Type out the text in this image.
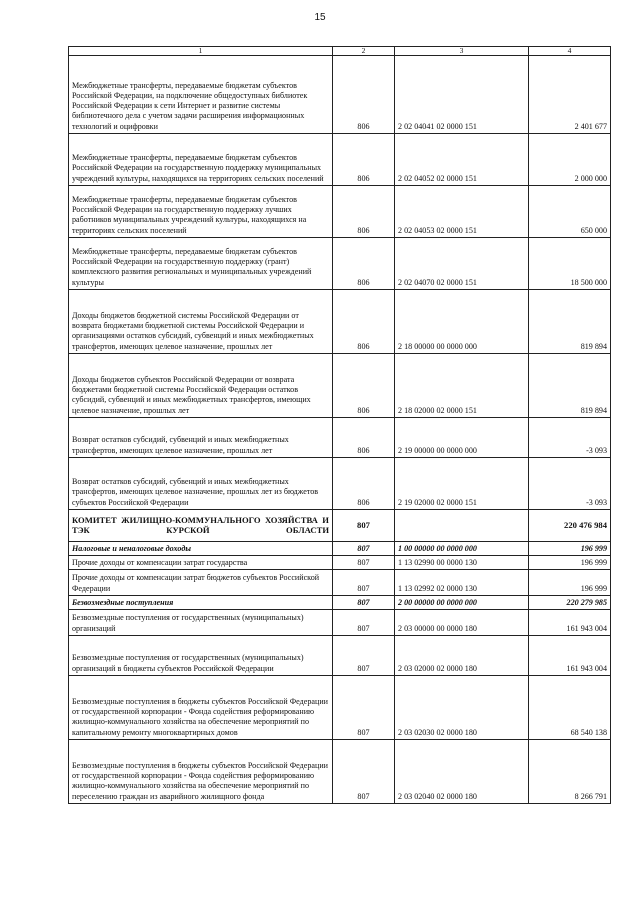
15
1	2	3	4
Межбюджетные трансферты, передаваемые бюджетам субъектов Российской Федерации, на подключение общедоступных библиотек Российской Федерации к сети Интернет и развитие системы библиотечного дела с учетом задачи расширения информационных технологий и оцифровки	806	2 02 04041 02 0000 151	2 401 677
Межбюджетные трансферты, передаваемые бюджетам субъектов Российской Федерации на государственную поддержку муниципальных учреждений культуры, находящихся на территориях сельских поселений	806	2 02 04052 02 0000 151	2 000 000
Межбюджетные трансферты, передаваемые бюджетам субъектов Российской Федерации на государственную поддержку лучших работников муниципальных учреждений культуры, находящихся на территориях сельских поселений	806	2 02 04053 02 0000 151	650 000
Межбюджетные трансферты, передаваемые бюджетам субъектов Российской Федерации на государственную поддержку (грант) комплексного развития региональных и муниципальных учреждений культуры	806	2 02 04070 02 0000 151	18 500 000
Доходы бюджетов бюджетной системы Российской Федерации от возврата бюджетами бюджетной системы Российской Федерации и организациями остатков субсидий, субвенций и иных межбюджетных трансфертов, имеющих целевое назначение, прошлых лет	806	2 18 00000 00 0000 000	819 894
Доходы бюджетов субъектов Российской Федерации от возврата бюджетами бюджетной системы Российской Федерации остатков субсидий, субвенций и иных межбюджетных трансфертов, имеющих целевое назначение, прошлых лет	806	2 18 02000 02 0000 151	819 894
Возврат остатков субсидий, субвенций и иных межбюджетных трансфертов, имеющих целевое назначение, прошлых лет	806	2 19 00000 00 0000 000	-3 093
Возврат остатков субсидий, субвенций и иных межбюджетных трансфертов, имеющих целевое назначение, прошлых лет из бюджетов субъектов Российской Федерации	806	2 19 02000 02 0000 151	-3 093
КОМИТЕТ ЖИЛИЩНО-КОММУНАЛЬНОГО ХОЗЯЙСТВА И ТЭК КУРСКОЙ ОБЛАСТИ	807		220 476 984
Налоговые и неналоговые доходы	807	1 00 00000 00 0000 000	196 999
Прочие доходы от компенсации затрат государства	807	1 13 02990 00 0000 130	196 999
Прочие доходы от компенсации затрат бюджетов субъектов Российской Федерации	807	1 13 02992 02 0000 130	196 999
Безвозмездные поступления	807	2 00 00000 00 0000 000	220 279 985
Безвозмездные поступления от государственных (муниципальных) организаций	807	2 03 00000 00 0000 180	161 943 004
Безвозмездные поступления от государственных (муниципальных) организаций в бюджеты субъектов Российской Федерации	807	2 03 02000 02 0000 180	161 943 004
Безвозмездные поступления в бюджеты субъектов Российской Федерации от государственной корпорации - Фонда содействия реформированию жилищно-коммунального хозяйства на обеспечение мероприятий по капитальному ремонту многоквартирных домов	807	2 03 02030 02 0000 180	68 540 138
Безвозмездные поступления в бюджеты субъектов Российской Федерации от государственной корпорации - Фонда содействия реформированию жилищно-коммунального хозяйства на обеспечение мероприятий по переселению граждан из аварийного жилищного фонда	807	2 03 02040 02 0000 180	8 266 791
